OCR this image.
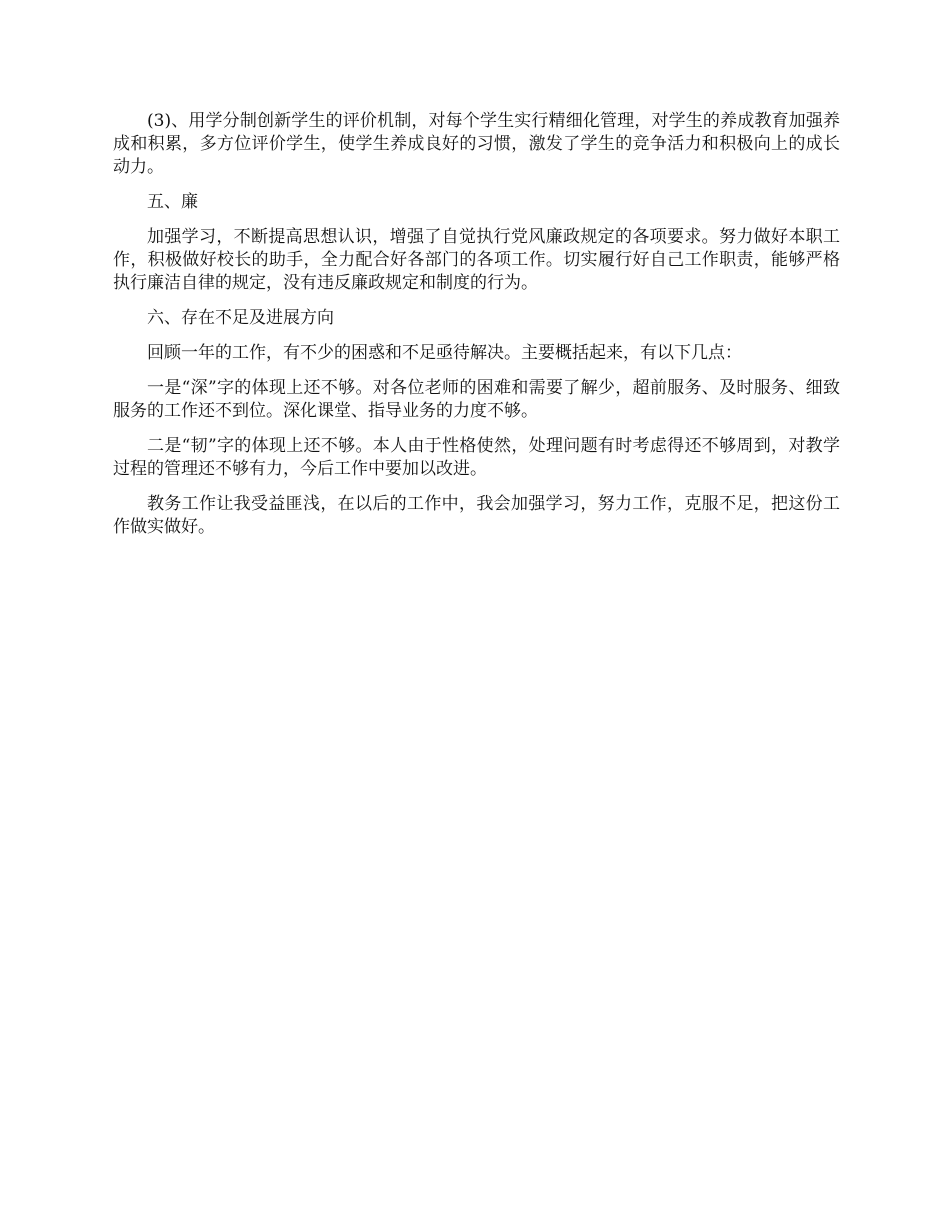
(3)、用学分制创新学生的评价机制，对每个学生实行精细化管理，对学生的养成教育加强养成和积累，多方位评价学生，使学生养成良好的习惯，激发了学生的竞争活力和积极向上的成长动力。

五、廉

加强学习，不断提高思想认识，增强了自觉执行党风廉政规定的各项要求。努力做好本职工作，积极做好校长的助手，全力配合好各部门的各项工作。切实履行好自己工作职责，能够严格执行廉洁自律的规定，没有违反廉政规定和制度的行为。

六、存在不足及进展方向

回顾一年的工作，有不少的困惑和不足亟待解决。主要概括起来，有以下几点：

一是“深”字的体现上还不够。对各位老师的困难和需要了解少，超前服务、及时服务、细致服务的工作还不到位。深化课堂、指导业务的力度不够。

二是“韧”字的体现上还不够。本人由于性格使然，处理问题有时考虑得还不够周到，对教学过程的管理还不够有力，今后工作中要加以改进。

教务工作让我受益匪浅，在以后的工作中，我会加强学习，努力工作，克服不足，把这份工作做实做好。
